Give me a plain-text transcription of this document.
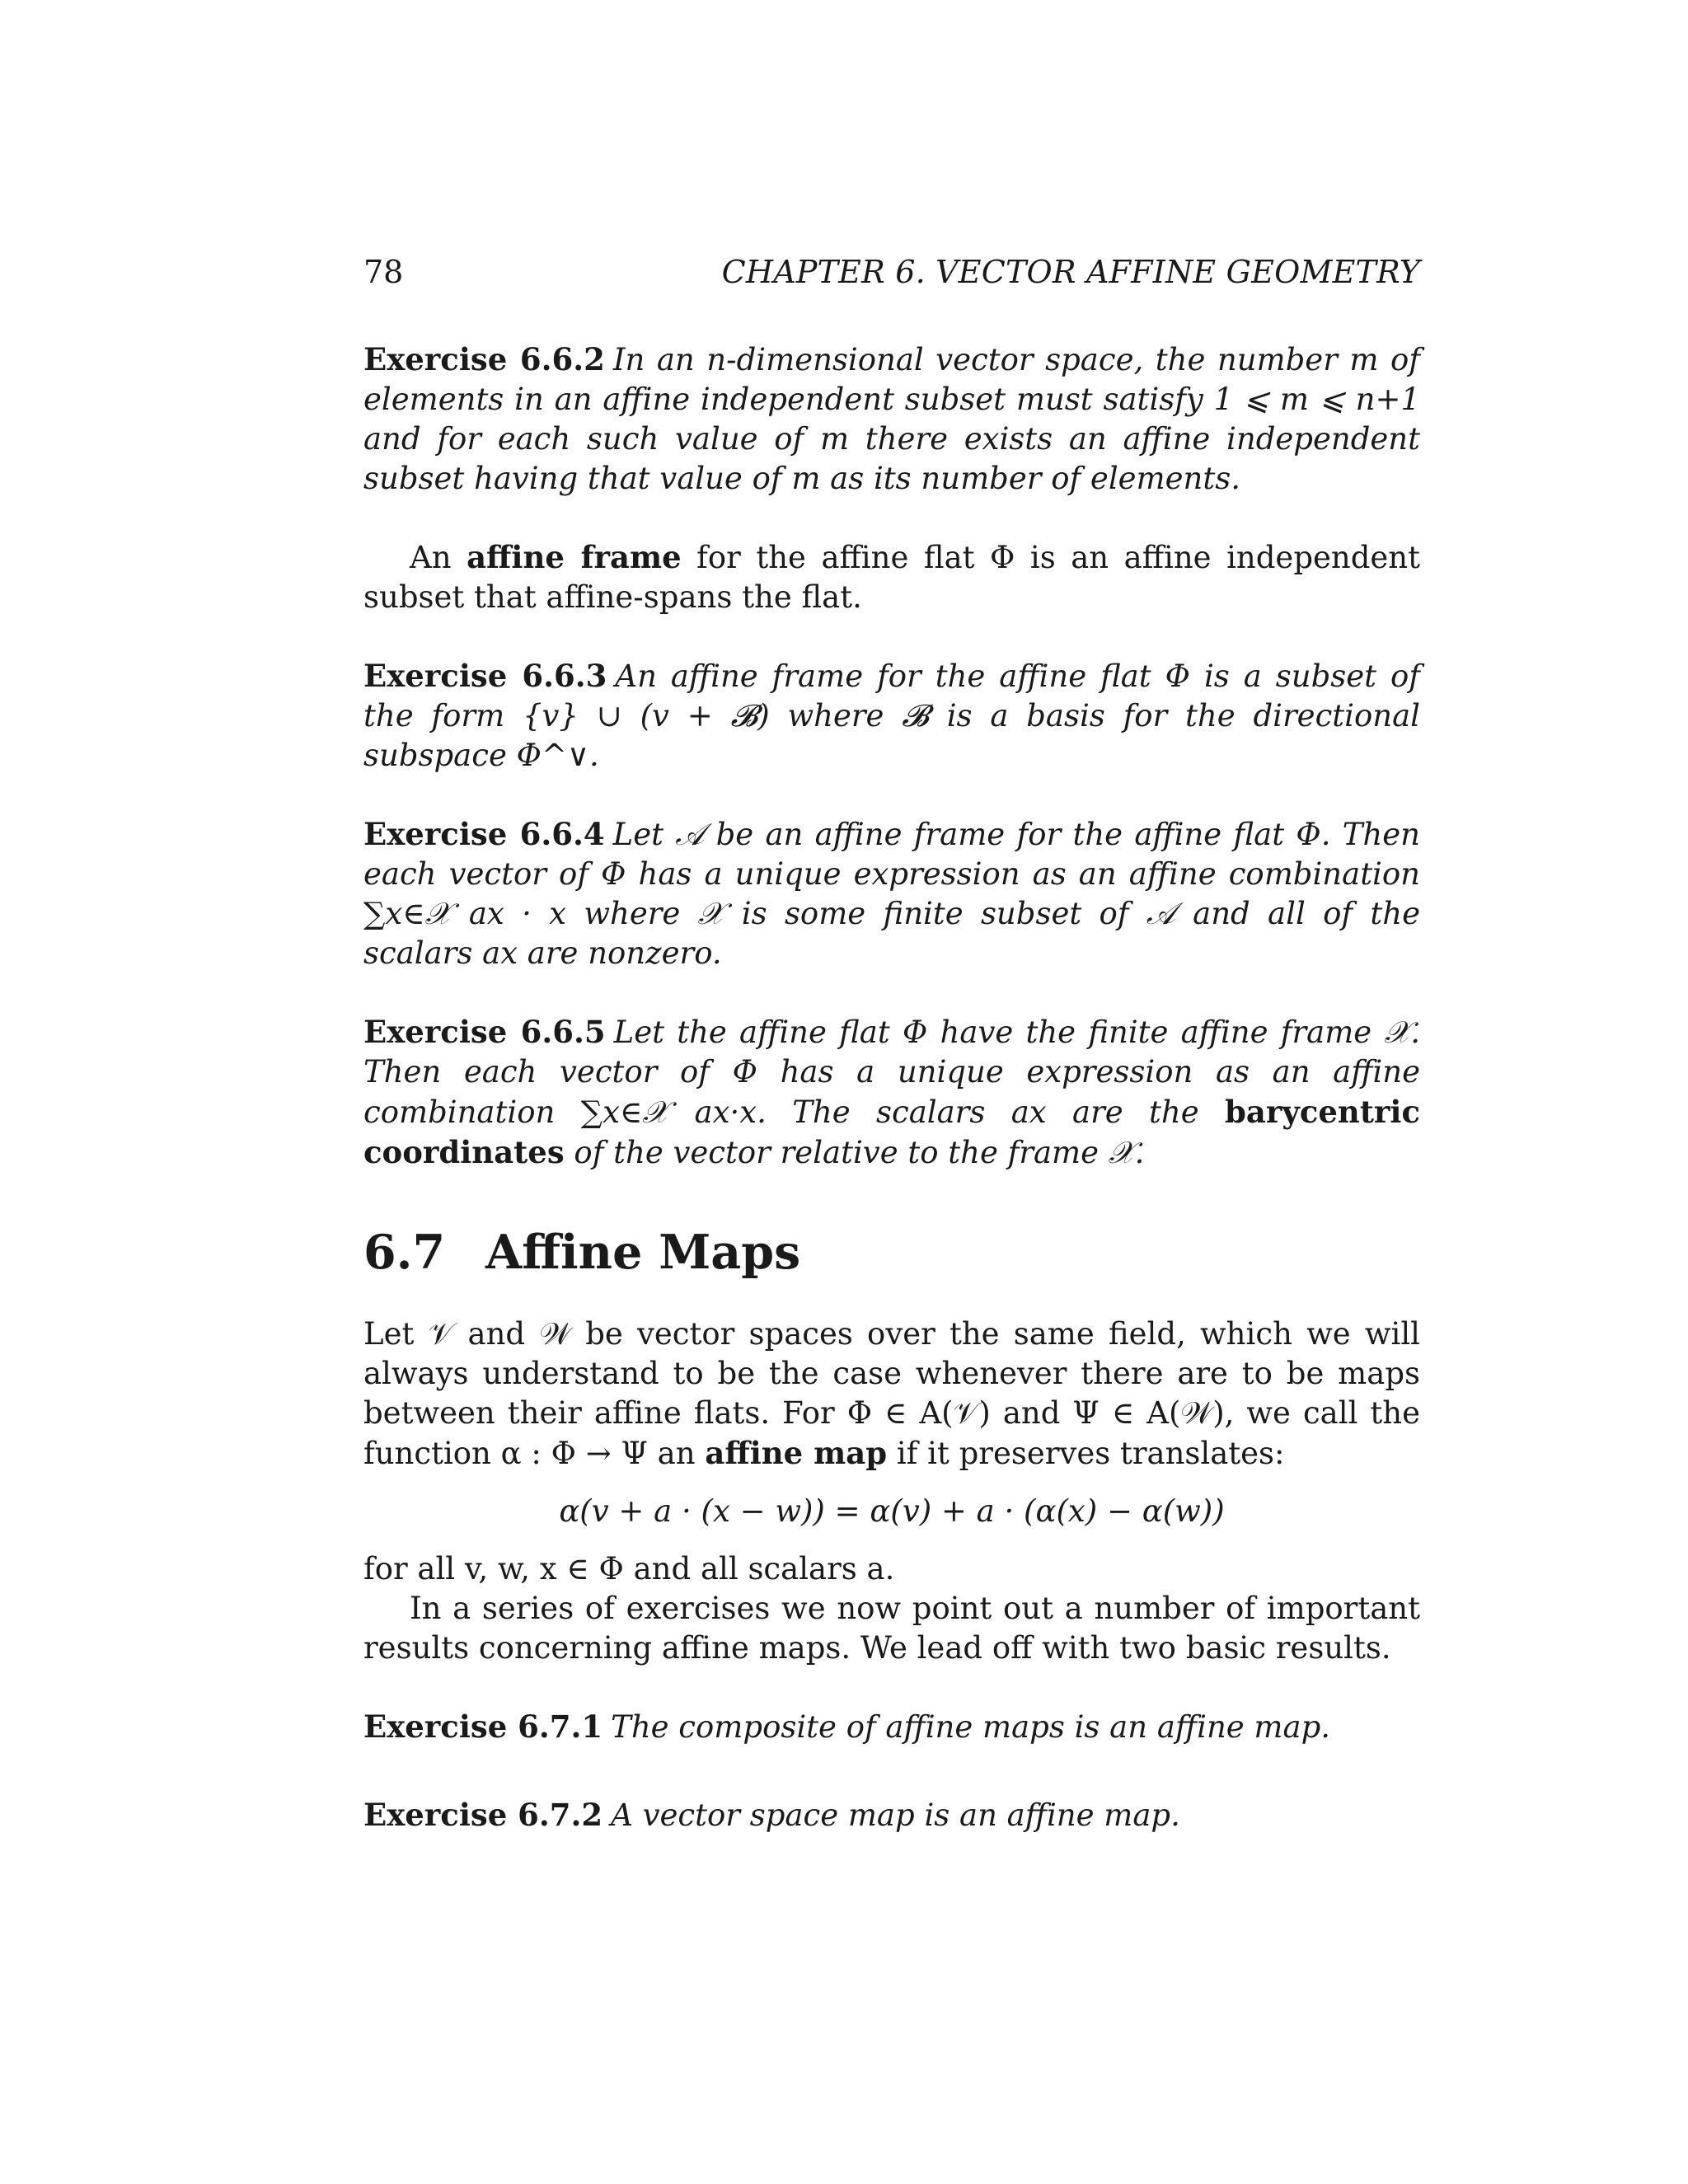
78	CHAPTER 6. VECTOR AFFINE GEOMETRY

Exercise 6.6.2 In an n-dimensional vector space, the number m of elements in an affine independent subset must satisfy 1 ⩽ m ⩽ n+1 and for each such value of m there exists an affine independent subset having that value of m as its number of elements.

An affine frame for the affine flat Φ is an affine independent subset that affine-spans the flat.

Exercise 6.6.3 An affine frame for the affine flat Φ is a subset of the form {v} ∪ (v + 𝓑) where 𝓑 is a basis for the directional subspace Φ^∨.

Exercise 6.6.4 Let 𝒜 be an affine frame for the affine flat Φ. Then each vector of Φ has a unique expression as an affine combination ∑x∈𝒳 ax · x where 𝒳 is some finite subset of 𝒜 and all of the scalars ax are nonzero.

Exercise 6.6.5 Let the affine flat Φ have the finite affine frame 𝒳. Then each vector of Φ has a unique expression as an affine combination ∑x∈𝒳 ax·x. The scalars ax are the barycentric coordinates of the vector relative to the frame 𝒳.

6.7 Affine Maps

Let 𝒱 and 𝒲 be vector spaces over the same field, which we will always understand to be the case whenever there are to be maps between their affine flats. For Φ ∈ A(𝒱) and Ψ ∈ A(𝒲), we call the function α : Φ → Ψ an affine map if it preserves translates:

α(v + a · (x − w)) = α(v) + a · (α(x) − α(w))

for all v, w, x ∈ Φ and all scalars a.

In a series of exercises we now point out a number of important results concerning affine maps. We lead off with two basic results.

Exercise 6.7.1 The composite of affine maps is an affine map.

Exercise 6.7.2 A vector space map is an affine map.
